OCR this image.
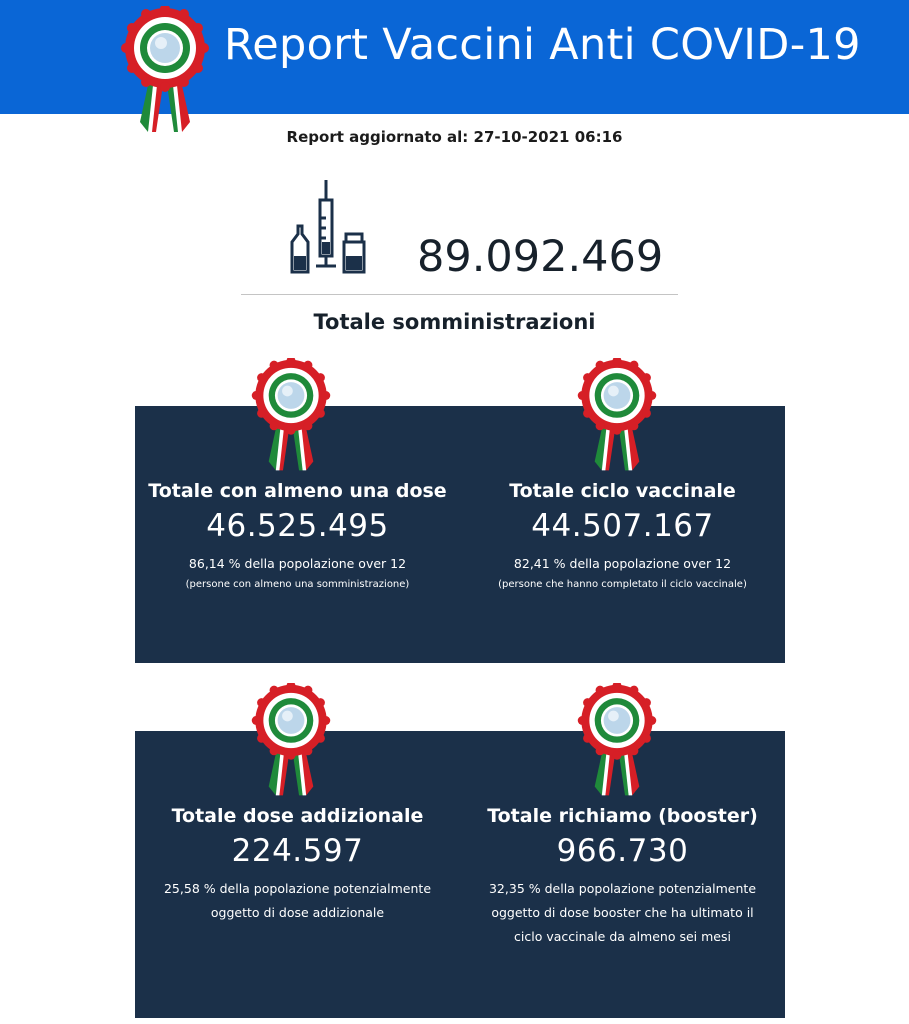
Report Vaccini Anti COVID-19
Report aggiornato al: 27-10-2021 06:16
89.092.469
Totale somministrazioni
Totale con almeno una dose
46.525.495
86,14 % della popolazione over 12
(persone con almeno una somministrazione)
Totale ciclo vaccinale
44.507.167
82,41 % della popolazione over 12
(persone che hanno completato il ciclo vaccinale)
Totale dose addizionale
224.597
25,58 % della popolazione potenzialmente oggetto di dose addizionale
Totale richiamo (booster)
966.730
32,35 % della popolazione potenzialmente oggetto di dose booster che ha ultimato il ciclo vaccinale da almeno sei mesi
